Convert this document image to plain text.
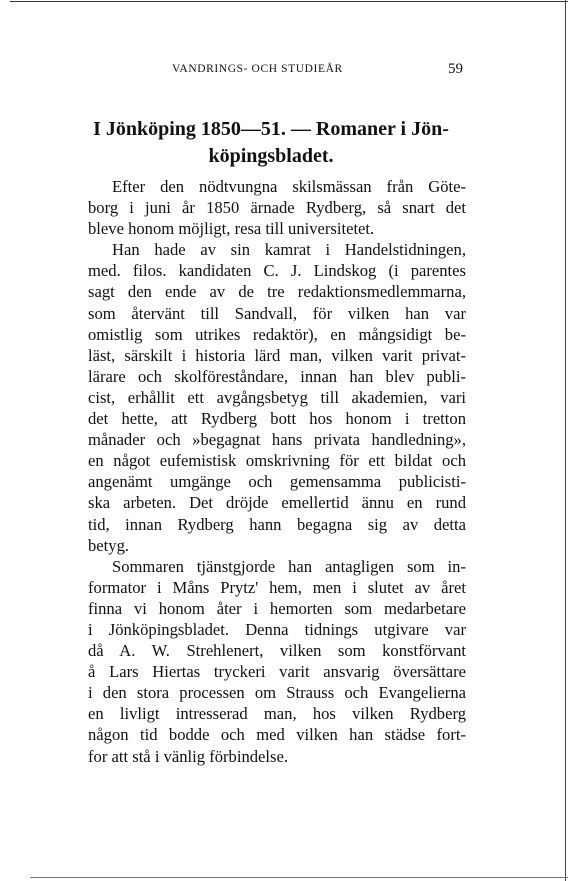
VANDRINGS- OCH STUDIEÅR	59
I Jönköping 1850—51. — Romaner i Jön-
köpingsbladet.
Efter den nödtvungna skilsmässan från Göte-
borg i juni år 1850 ärnade Rydberg, så snart det
bleve honom möjligt, resa till universitetet.
Han hade av sin kamrat i Handelstidningen,
med. filos. kandidaten C. J. Lindskog (i parentes
sagt den ende av de tre redaktionsmedlemmarna,
som återvänt till Sandvall, för vilken han var
omistlig som utrikes redaktör), en mångsidigt be-
läst, särskilt i historia lärd man, vilken varit privat-
lärare och skolföreståndare, innan han blev publi-
cist, erhållit ett avgångsbetyg till akademien, vari
det hette, att Rydberg bott hos honom i tretton
månader och »begagnat hans privata handledning»,
en något eufemistisk omskrivning för ett bildat och
angenämt umgänge och gemensamma publicisti-
ska arbeten. Det dröjde emellertid ännu en rund
tid, innan Rydberg hann begagna sig av detta
betyg.
Sommaren tjänstgjorde han antagligen som in-
formator i Måns Prytz' hem, men i slutet av året
finna vi honom åter i hemorten som medarbetare
i Jönköpingsbladet. Denna tidnings utgivare var
då A. W. Strehlenert, vilken som konstförvant
å Lars Hiertas tryckeri varit ansvarig översättare
i den stora processen om Strauss och Evangelierna
en livligt intresserad man, hos vilken Rydberg
någon tid bodde och med vilken han städse fort-
for att stå i vänlig förbindelse.
